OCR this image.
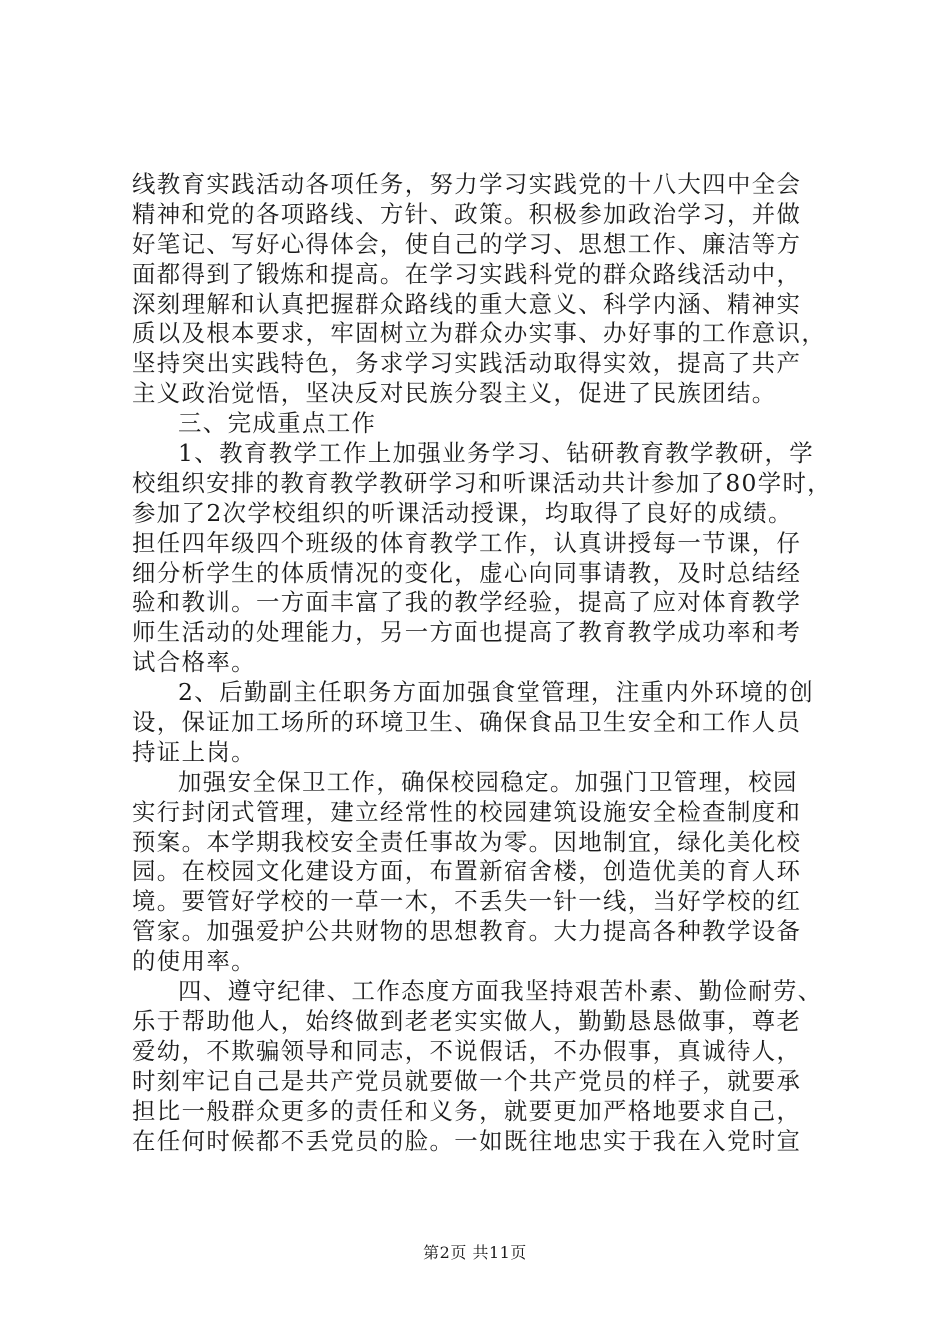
线教育实践活动各项任务，努力学习实践党的十八大四中全会
精神和党的各项路线、方针、政策。积极参加政治学习，并做
好笔记、写好心得体会，使自己的学习、思想工作、廉洁等方
面都得到了锻炼和提高。在学习实践科党的群众路线活动中，
深刻理解和认真把握群众路线的重大意义、科学内涵、精神实
质以及根本要求，牢固树立为群众办实事、办好事的工作意识，
坚持突出实践特色，务求学习实践活动取得实效，提高了共产
主义政治觉悟，坚决反对民族分裂主义，促进了民族团结。
三、完成重点工作
1、教育教学工作上加强业务学习、钻研教育教学教研，学
校组织安排的教育教学教研学习和听课活动共计参加了80学时，
参加了2次学校组织的听课活动授课，均取得了良好的成绩。
担任四年级四个班级的体育教学工作，认真讲授每一节课，仔
细分析学生的体质情况的变化，虚心向同事请教，及时总结经
验和教训。一方面丰富了我的教学经验，提高了应对体育教学
师生活动的处理能力，另一方面也提高了教育教学成功率和考
试合格率。
2、后勤副主任职务方面加强食堂管理，注重内外环境的创
设，保证加工场所的环境卫生、确保食品卫生安全和工作人员
持证上岗。
加强安全保卫工作，确保校园稳定。加强门卫管理，校园
实行封闭式管理，建立经常性的校园建筑设施安全检查制度和
预案。本学期我校安全责任事故为零。因地制宜，绿化美化校
园。在校园文化建设方面，布置新宿舍楼，创造优美的育人环
境。要管好学校的一草一木，不丢失一针一线，当好学校的红
管家。加强爱护公共财物的思想教育。大力提高各种教学设备
的使用率。
四、遵守纪律、工作态度方面我坚持艰苦朴素、勤俭耐劳、
乐于帮助他人，始终做到老老实实做人，勤勤恳恳做事，尊老
爱幼，不欺骗领导和同志，不说假话，不办假事，真诚待人，
时刻牢记自己是共产党员就要做一个共产党员的样子，就要承
担比一般群众更多的责任和义务，就要更加严格地要求自己，
在任何时候都不丢党员的脸。一如既往地忠实于我在入党时宣
第2页 共11页
